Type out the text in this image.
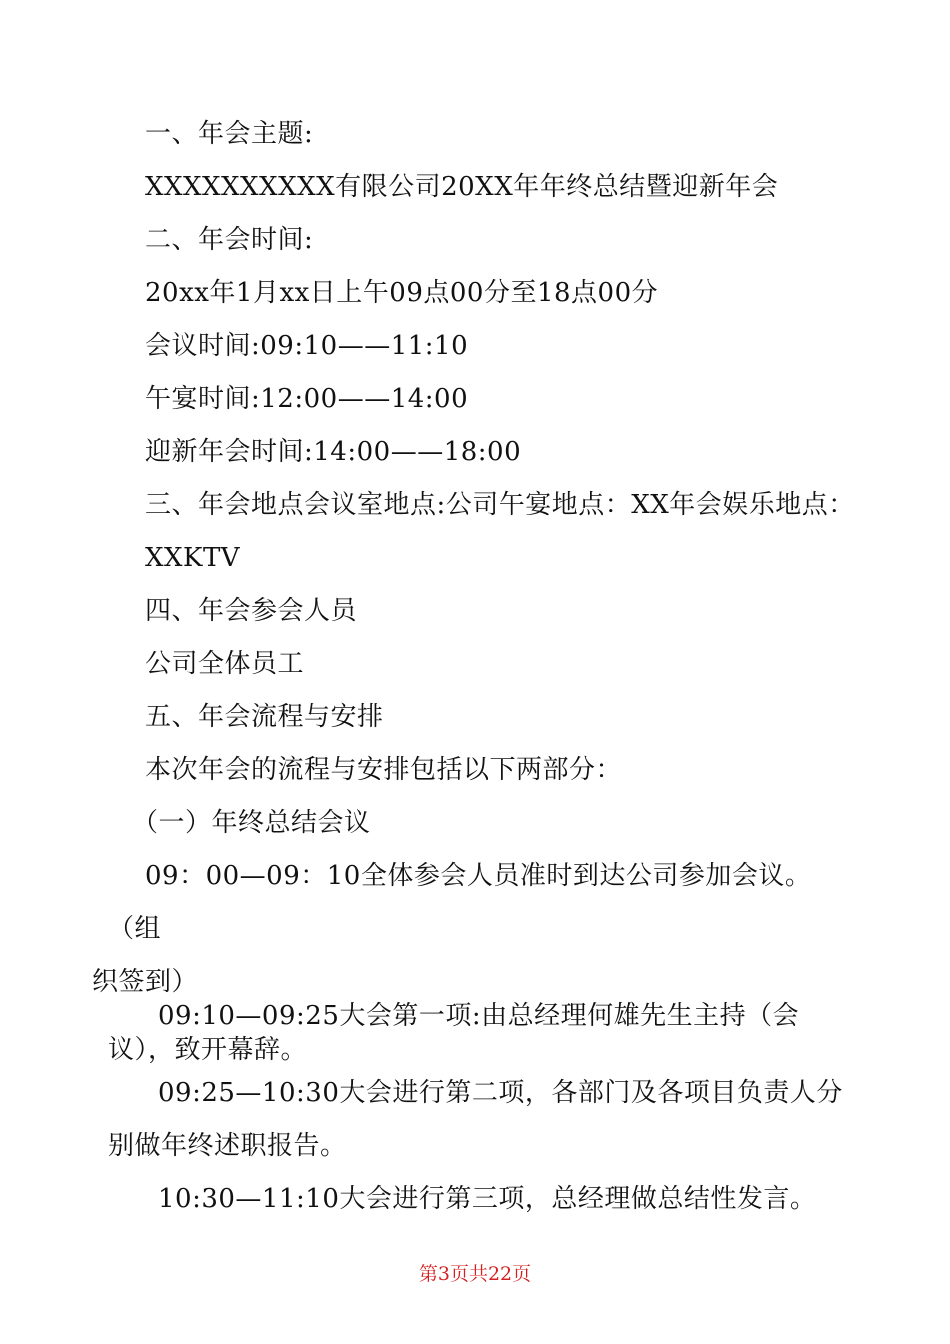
一、年会主题:
XXXXXXXXXX有限公司20XX年年终总结暨迎新年会
二、年会时间:
20xx年1月xx日上午09点00分至18点00分
会议时间:09:10——11:10
午宴时间:12:00——14:00
迎新年会时间:14:00——18:00
三、年会地点会议室地点:公司午宴地点：XX年会娱乐地点：
XXKTV
四、年会参会人员
公司全体员工
五、年会流程与安排
本次年会的流程与安排包括以下两部分：
（一）年终总结会议
09：00—09：10全体参会人员准时到达公司参加会议。
（组
织签到）
09:10—09:25大会第一项:由总经理何雄先生主持（会
议），致开幕辞。
09:25—10:30大会进行第二项，各部门及各项目负责人分
别做年终述职报告。
10:30—11:10大会进行第三项，总经理做总结性发言。
第3页共22页
